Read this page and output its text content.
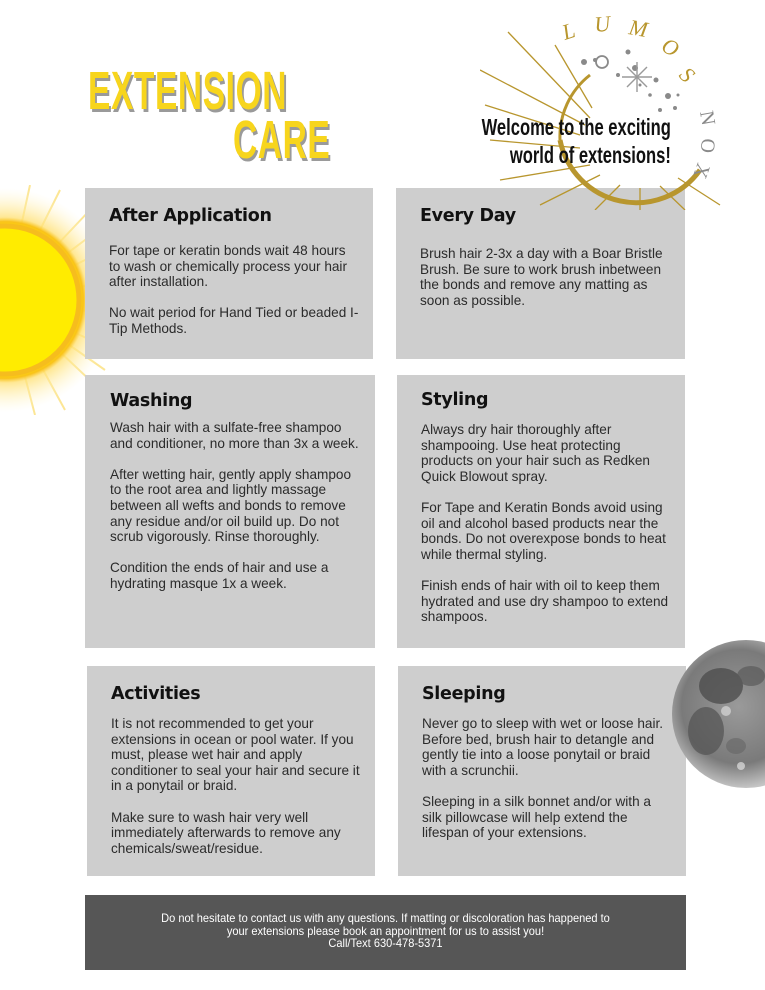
L U M
O
S
N
O
X
EXTENSION
CARE	Welcome to the exciting
world of extensions!
After Application

For tape or keratin bonds wait 48 hours to wash or chemically process your hair after installation.

No wait period for Hand Tied or beaded I-Tip Methods.

Every Day

Brush hair 2-3x a day with a Boar Bristle Brush. Be sure to work brush inbetween the bonds and remove any matting as soon as possible.

Washing

Wash hair with a sulfate-free shampoo and conditioner, no more than 3x a week.

After wetting hair, gently apply shampoo to the root area and lightly massage between all wefts and bonds to remove any residue and/or oil build up. Do not scrub vigorously. Rinse thoroughly.

Condition the ends of hair and use a hydrating masque 1x a week.

Styling

Always dry hair thoroughly after shampooing. Use heat protecting products on your hair such as Redken Quick Blowout spray.

For Tape and Keratin Bonds avoid using oil and alcohol based products near the bonds. Do not overexpose bonds to heat while thermal styling.

Finish ends of hair with oil to keep them hydrated and use dry shampoo to extend shampoos.

Activities

It is not recommended to get your extensions in ocean or pool water. If you must, please wet hair and apply conditioner to seal your hair and secure it in a ponytail or braid.

Make sure to wash hair very well immediately afterwards to remove any chemicals/sweat/residue.

Sleeping

Never go to sleep with wet or loose hair. Before bed, brush hair to detangle and gently tie into a loose ponytail or braid with a scrunchii.

Sleeping in a silk bonnet and/or with a silk pillowcase will help extend the lifespan of your extensions.

Do not hesitate to contact us with any questions. If matting or discoloration has happened to
your extensions please book an appointment for us to assist you!
Call/Text 630-478-5371
